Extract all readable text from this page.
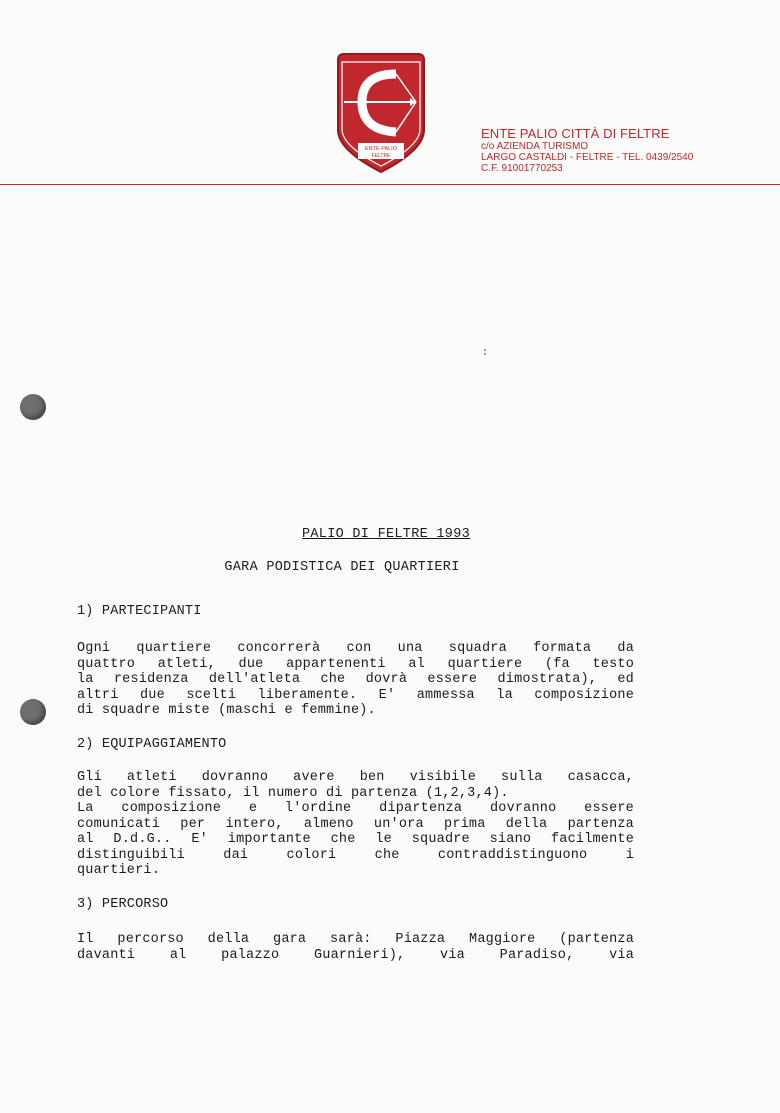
ENTE PALIO
FELTRE
ENTE PALIO CITTÀ DI FELTRE
c/o AZIENDA TURISMO
LARGO CASTALDI - FELTRE - TEL. 0439/2540
C.F. 91001770253
PALIO DI FELTRE 1993
GARA PODISTICA DEI QUARTIERI
1) PARTECIPANTI

Ogni quartiere concorrerà con una squadra formata da

quattro atleti, due appartenenti al quartiere (fa testo

la residenza dell'atleta che dovrà essere dimostrata), ed

altri due scelti liberamente. E' ammessa la composizione

di squadre miste (maschi e femmine).

2) EQUIPAGGIAMENTO

Gli atleti dovranno avere ben visibile sulla casacca,

del colore fissato, il numero di partenza (1,2,3,4).

La composizione e l'ordine dipartenza dovranno essere

comunicati per intero, almeno un'ora prima della partenza

al D.d.G.. E' importante che le squadre siano facilmente

distinguibili dai colori che contraddistinguono i

quartieri.

3) PERCORSO

Il percorso della gara sarà: Piazza Maggiore (partenza

davanti al palazzo Guarnieri), via Paradiso, via
